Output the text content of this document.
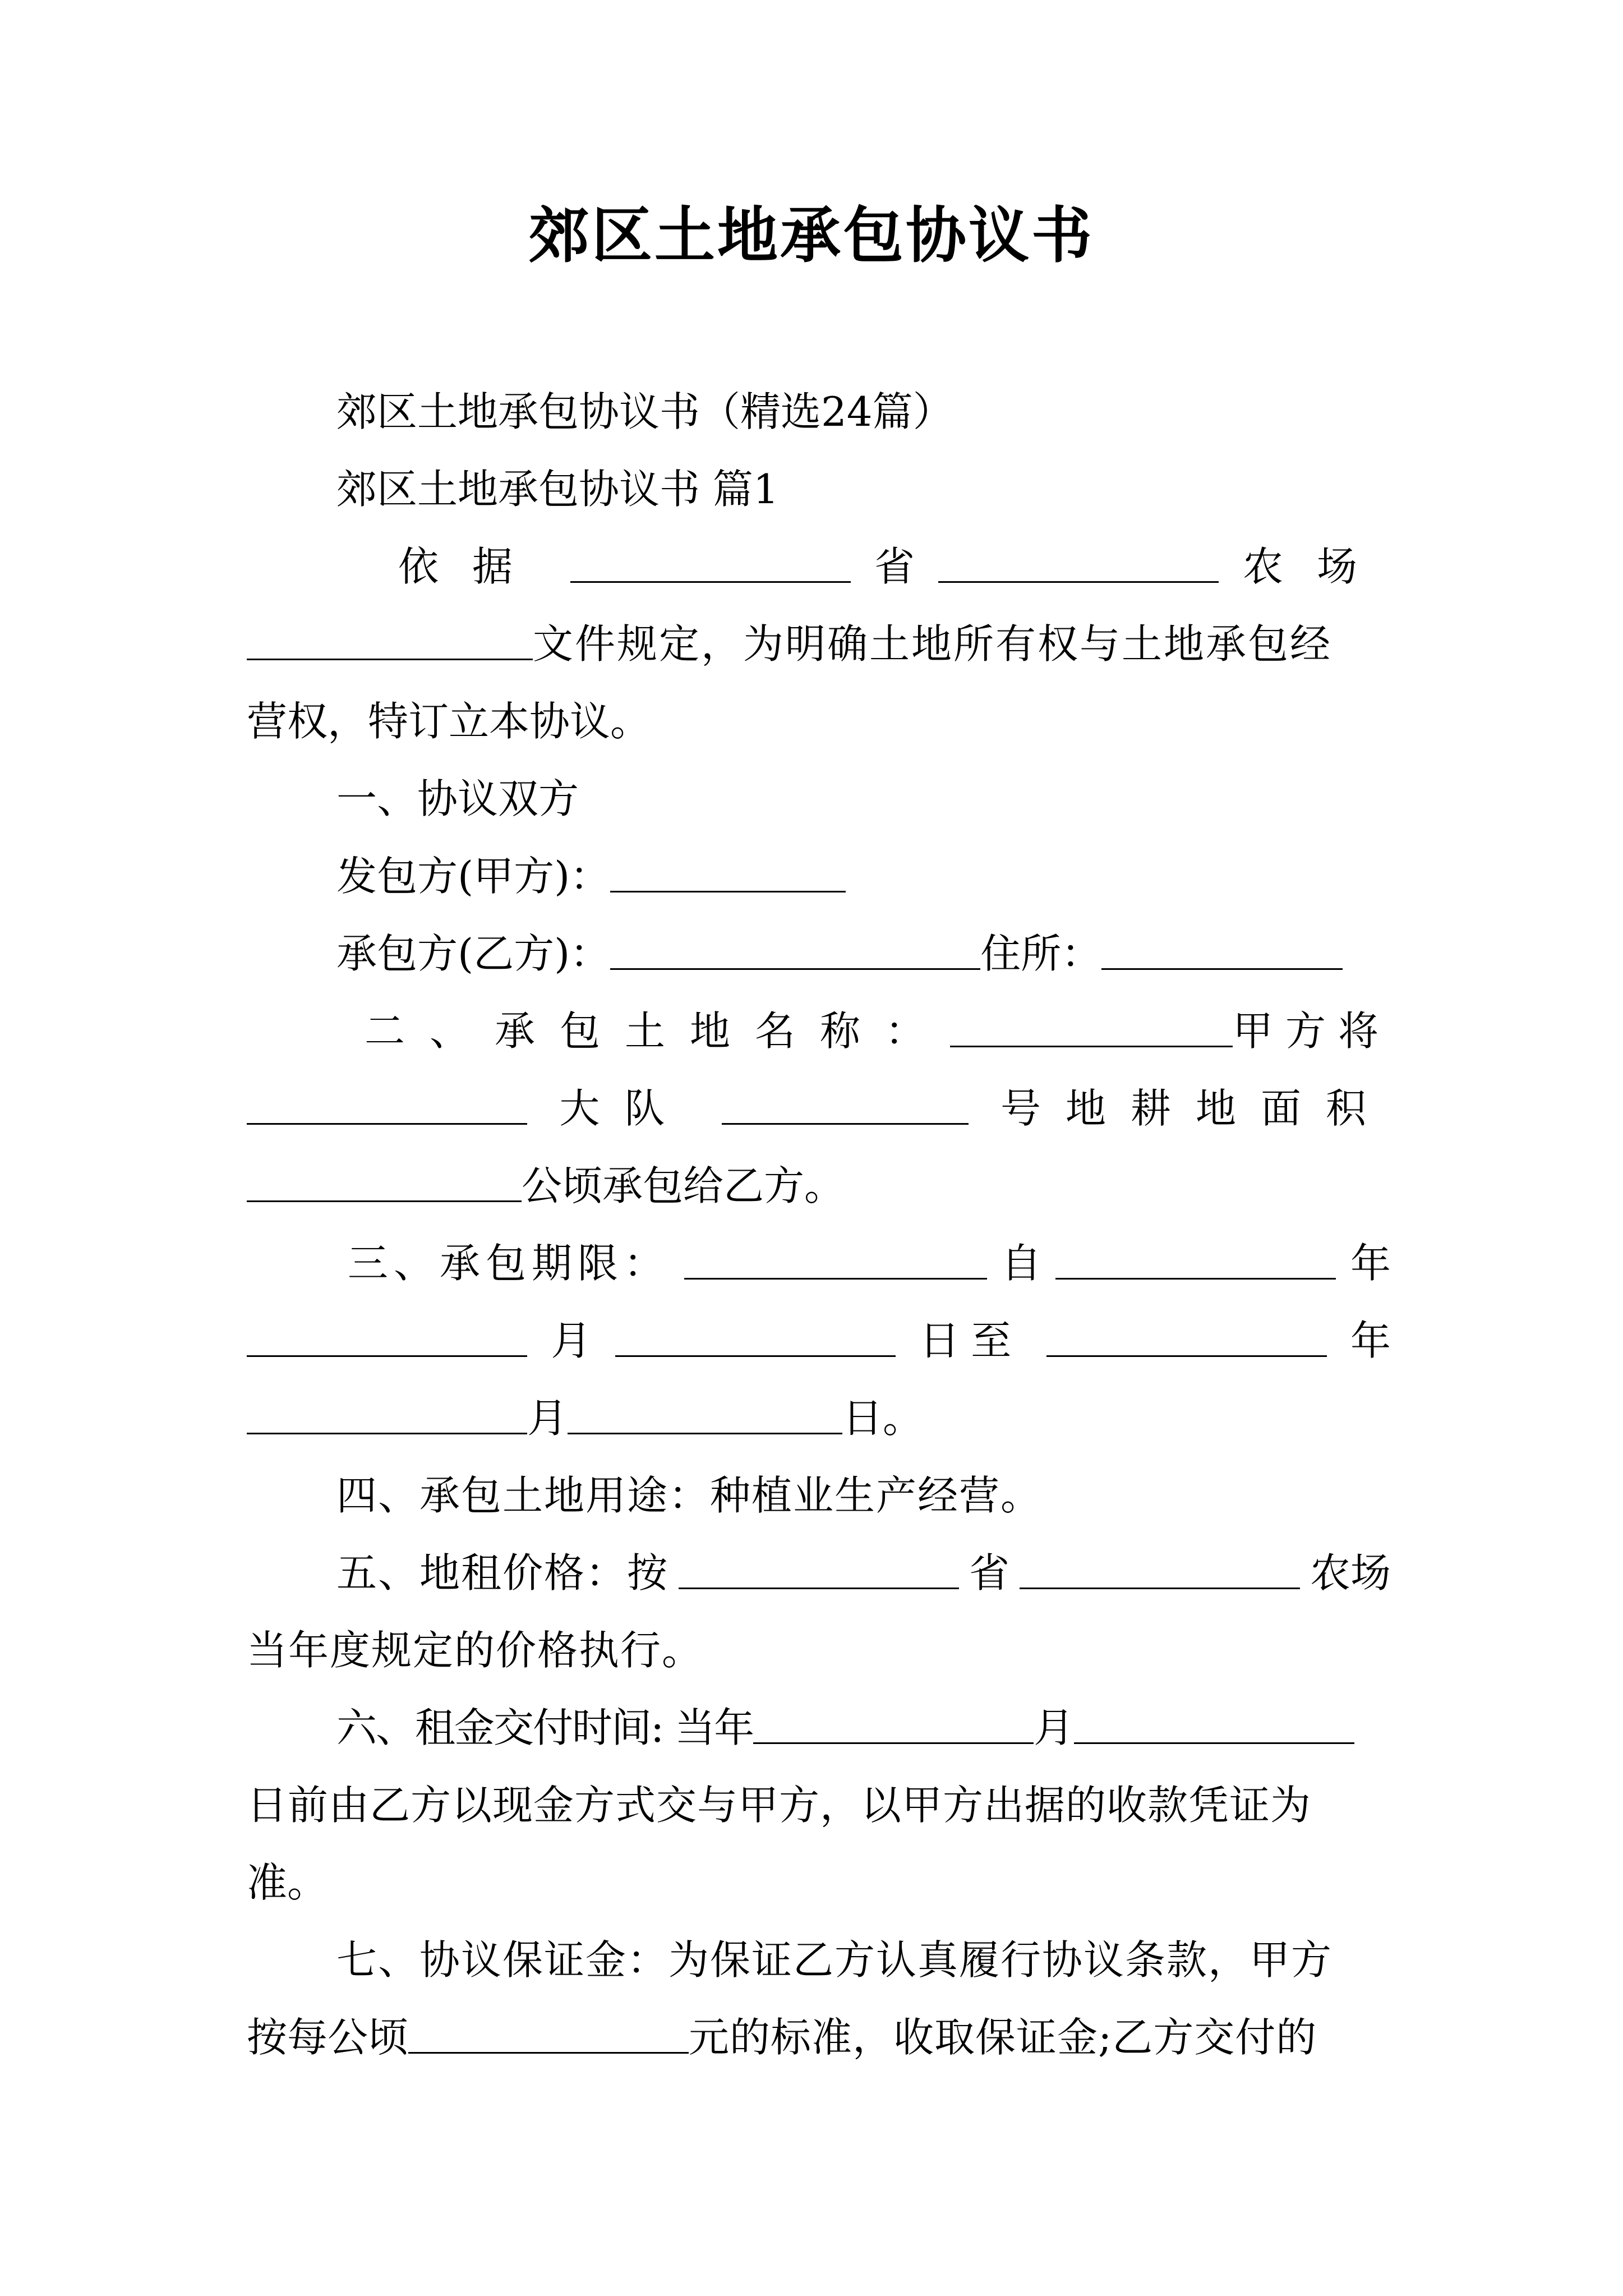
郊区土地承包协议书
郊区土地承包协议书（精选24篇）
郊区土地承包协议书 篇1
依据	省	农场
文件规定，为明确土地所有权与土地承包经
营权，特订立本协议。
一、协议双方
发包方(甲方)：
承包方(乙方)：	住所：
二、承包土地名称：	甲方将
大队	号地耕地面积
公顷承包给乙方。
三、承包期限：	自	年
月	日至	年
月	日。
四、承包土地用途：种植业生产经营。
五、地租价格：按	省	农场
当年度规定的价格执行。
六、租金交付时间: 当年	月
日前由乙方以现金方式交与甲方，以甲方出据的收款凭证为
准。
七、协议保证金：为保证乙方认真履行协议条款，甲方
按每公顷	元的标准，收取保证金;乙方交付的
